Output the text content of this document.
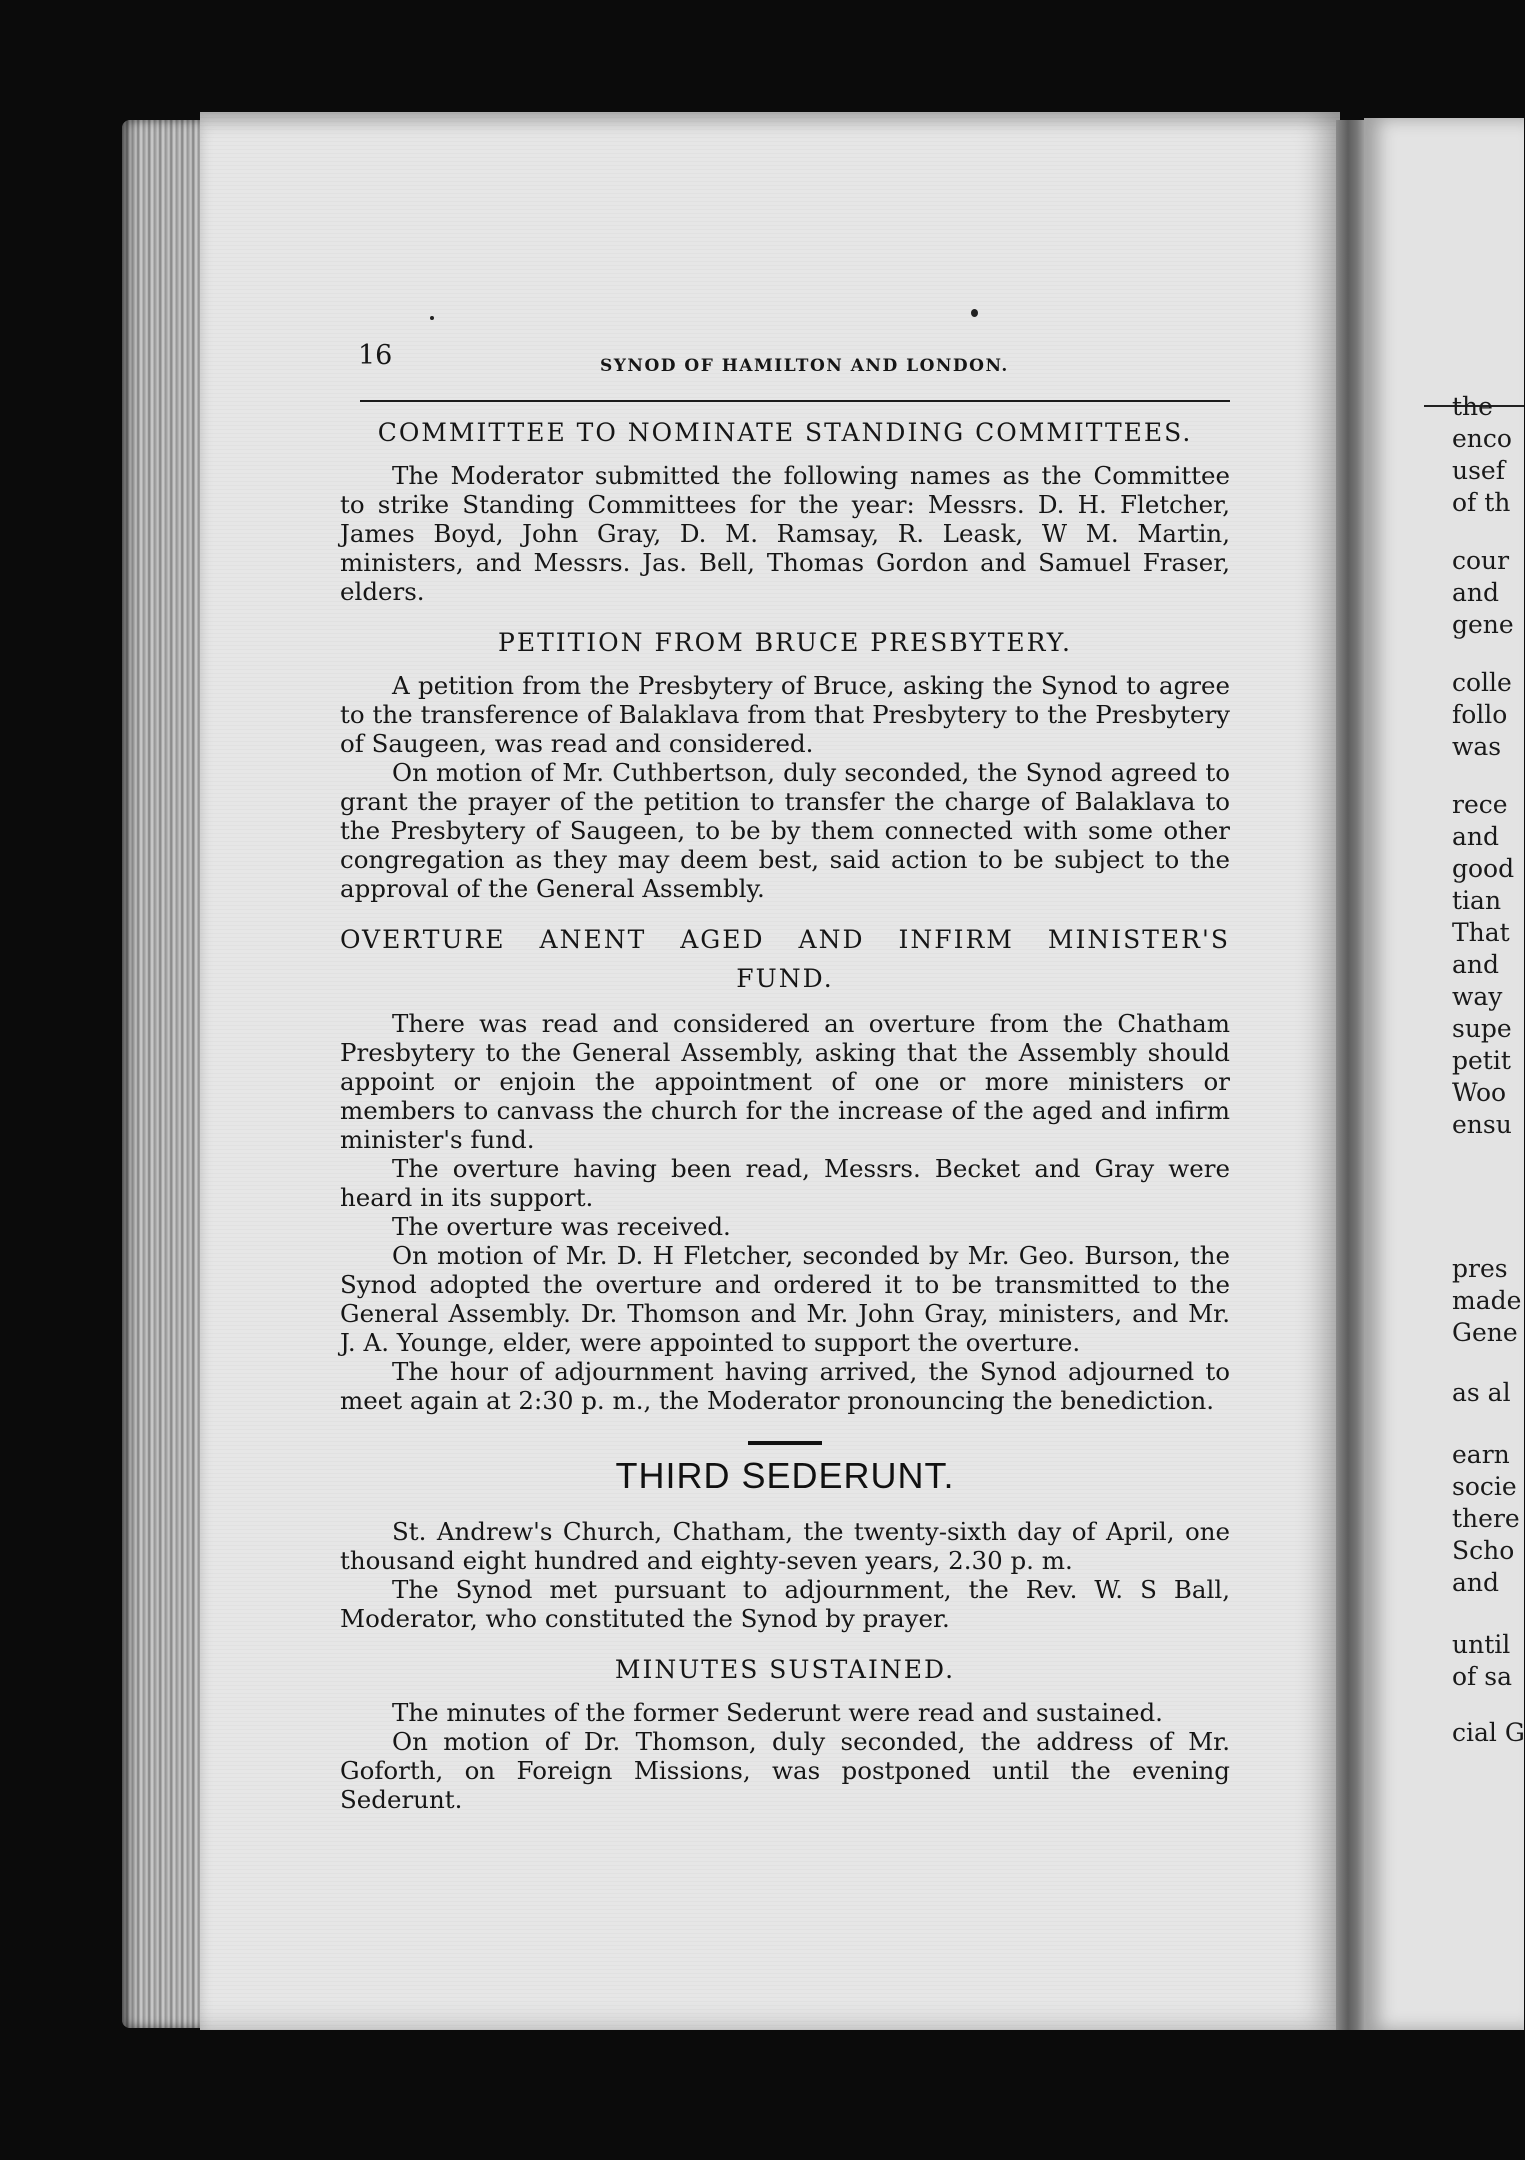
the
enco
usef
of th
cour
and
gene
colle
follo
was
rece
and
good
tian
That
and
way
supe
petit
Woo
ensu
pres
made
Gene
as al
earn
socie
there
Scho
and
until
of sa
cial G
16	SYNOD OF HAMILTON AND LONDON.
COMMITTEE TO NOMINATE STANDING COMMITTEES.

The Moderator submitted the following names as the Committee to strike Standing Committees for the year: Messrs. D. H. Fletcher, James Boyd, John Gray, D. M. Ramsay, R. Leask, W M. Martin, ministers, and Messrs. Jas. Bell, Thomas Gordon and Samuel Fraser, elders.

PETITION FROM BRUCE PRESBYTERY.

A petition from the Presbytery of Bruce, asking the Synod to agree to the transference of Balaklava from that Presbytery to the Presbytery of Saugeen, was read and considered.

On motion of Mr. Cuthbertson, duly seconded, the Synod agreed to grant the prayer of the petition to transfer the charge of Balaklava to the Presbytery of Saugeen, to be by them connected with some other congregation as they may deem best, said action to be subject to the approval of the General Assembly.

OVERTURE ANENT AGED AND INFIRM MINISTER'S
FUND.

There was read and considered an overture from the Chatham Presbytery to the General Assembly, asking that the Assembly should appoint or enjoin the appointment of one or more ministers or members to canvass the church for the increase of the aged and infirm minister's fund.

The overture having been read, Messrs. Becket and Gray were heard in its support.

The overture was received.

On motion of Mr. D. H Fletcher, seconded by Mr. Geo. Burson, the Synod adopted the overture and ordered it to be transmitted to the General Assembly. Dr. Thomson and Mr. John Gray, ministers, and Mr. J. A. Younge, elder, were appointed to support the overture.

The hour of adjournment having arrived, the Synod adjourned to meet again at 2:30 p. m., the Moderator pronouncing the benediction.

THIRD SEDERUNT.

St. Andrew's Church, Chatham, the twenty-sixth day of April, one thousand eight hundred and eighty-seven years, 2.30 p. m.

The Synod met pursuant to adjournment, the Rev. W. S Ball, Moderator, who constituted the Synod by prayer.

MINUTES SUSTAINED.

The minutes of the former Sederunt were read and sustained.

On motion of Dr. Thomson, duly seconded, the address of Mr. Goforth, on Foreign Missions, was postponed until the evening Sederunt.
